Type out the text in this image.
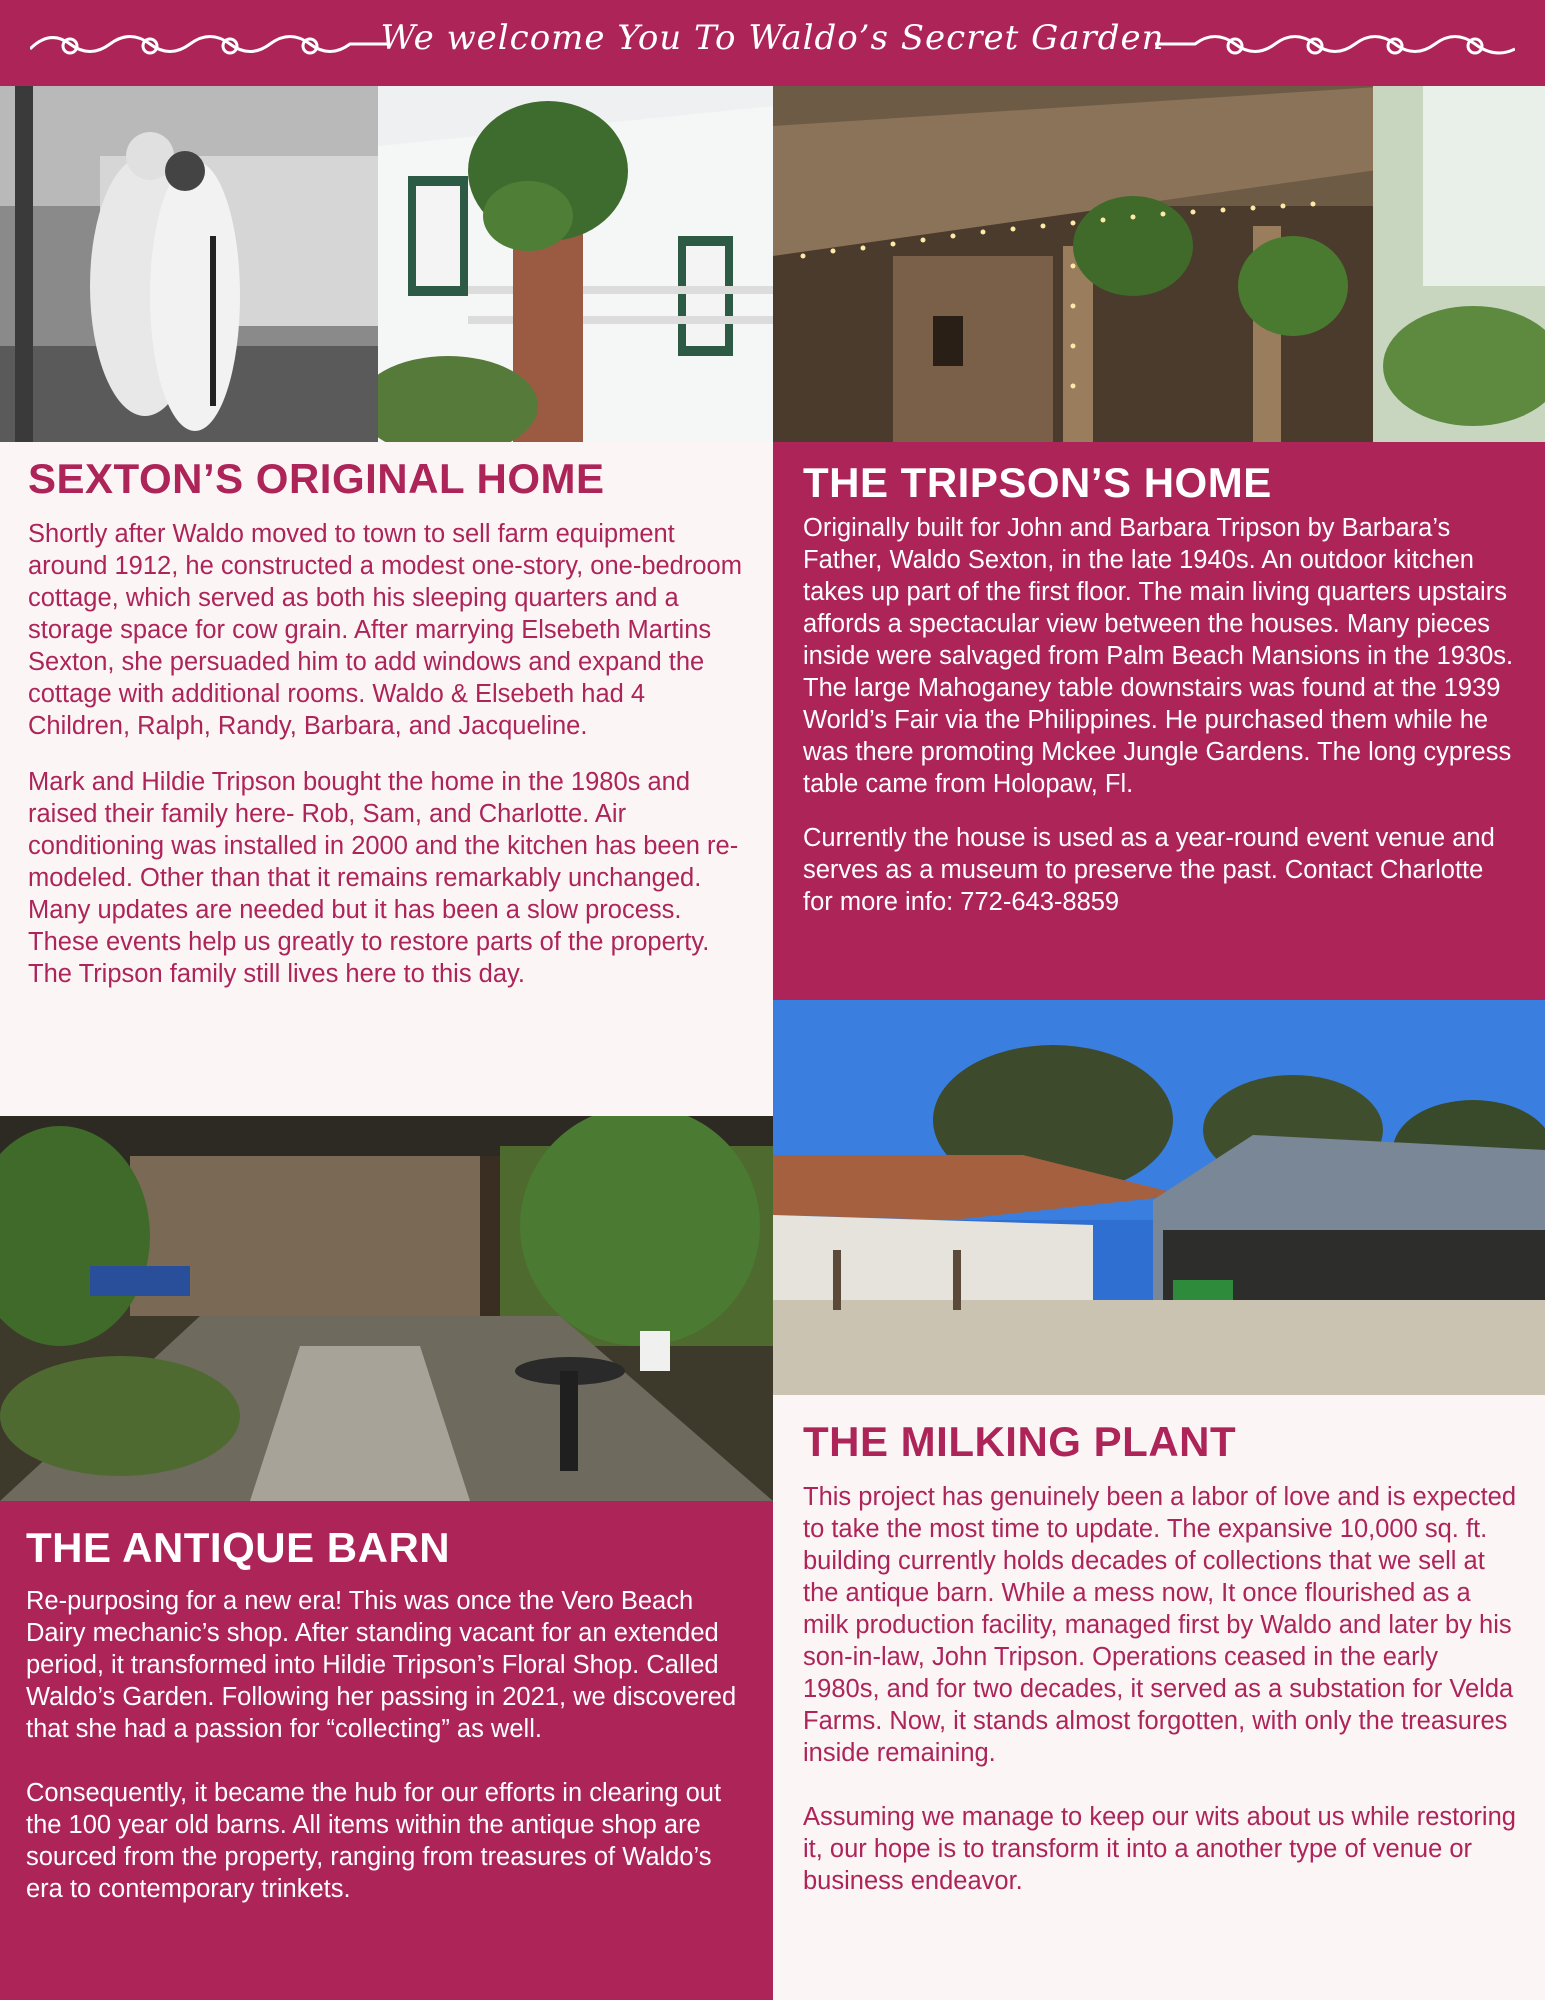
We welcome You To Waldo’s Secret Garden
SEXTON’S ORIGINAL HOME

Shortly after Waldo moved to town to sell farm equipment around 1912, he constructed a modest one-story, one-bedroom cottage, which served as both his sleeping quarters and a storage space for cow grain. After marrying Elsebeth Martins Sexton, she persuaded him to add windows and expand the cottage with additional rooms. Waldo & Elsebeth had 4 Children, Ralph, Randy, Barbara, and Jacqueline.

Mark and Hildie Tripson bought the home in the 1980s and raised their family here- Rob, Sam, and Charlotte. Air conditioning was installed in 2000 and the kitchen has been re-modeled. Other than that it remains remarkably unchanged. Many updates are needed but it has been a slow process. These events help us greatly to restore parts of the property. The Tripson family still lives here to this day.

THE TRIPSON’S HOME

Originally built for John and Barbara Tripson by Barbara’s Father, Waldo Sexton, in the late 1940s. An outdoor kitchen takes up part of the first floor. The main living quarters upstairs affords a spectacular view between the houses. Many pieces inside were salvaged from Palm Beach Mansions in the 1930s. The large Mahoganey table downstairs was found at the 1939 World’s Fair via the Philippines. He purchased them while he was there promoting Mckee Jungle Gardens. The long cypress table came from Holopaw, Fl.

Currently the house is used as a year-round event venue and serves as a museum to preserve the past. Contact Charlotte for more info: 772-643-8859

THE MILKING PLANT

This project has genuinely been a labor of love and is expected to take the most time to update. The expansive 10,000 sq. ft. building currently holds decades of collections that we sell at the antique barn. While a mess now, It once flourished as a milk production facility, managed first by Waldo and later by his son-in-law, John Tripson. Operations ceased in the early 1980s, and for two decades, it served as a substation for Velda Farms. Now, it stands almost forgotten, with only the treasures inside remaining.

Assuming we manage to keep our wits about us while restoring it, our hope is to transform it into a another type of venue or business endeavor.

THE ANTIQUE BARN

Re-purposing for a new era! This was once the Vero Beach Dairy mechanic’s shop. After standing vacant for an extended period, it transformed into Hildie Tripson’s Floral Shop. Called Waldo’s Garden. Following her passing in 2021, we discovered that she had a passion for “collecting” as well.

Consequently, it became the hub for our efforts in clearing out the 100 year old barns. All items within the antique shop are sourced from the property, ranging from treasures of Waldo’s era to contemporary trinkets.
